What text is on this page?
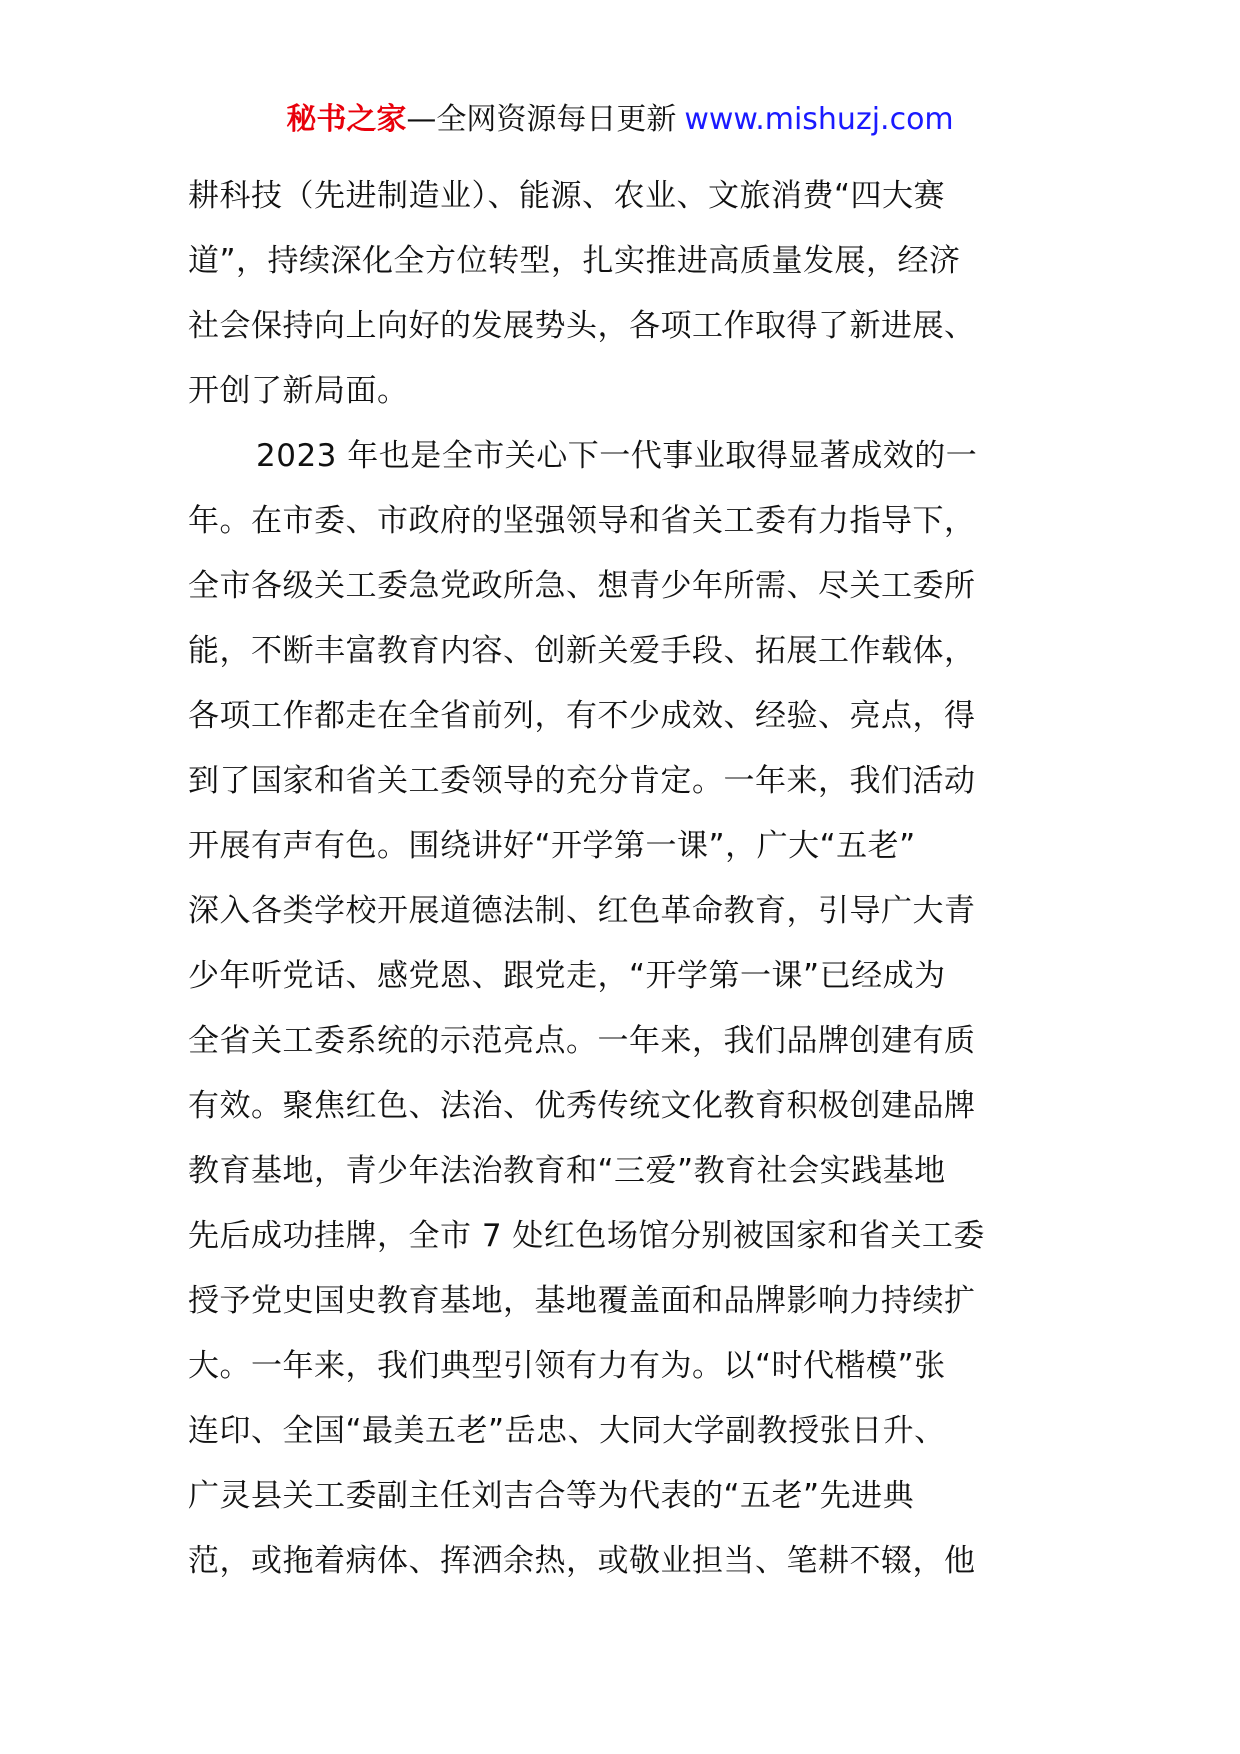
秘书之家—全网资源每日更新 www.mishuzj.com
耕科技（先进制造业）、能源、农业、文旅消费“四大赛
道”，持续深化全方位转型，扎实推进高质量发展，经济
社会保持向上向好的发展势头，各项工作取得了新进展、
开创了新局面。
2023 年也是全市关心下一代事业取得显著成效的一
年。在市委、市政府的坚强领导和省关工委有力指导下，
全市各级关工委急党政所急、想青少年所需、尽关工委所
能，不断丰富教育内容、创新关爱手段、拓展工作载体，
各项工作都走在全省前列，有不少成效、经验、亮点，得
到了国家和省关工委领导的充分肯定。一年来，我们活动
开展有声有色。围绕讲好“开学第一课”，广大“五老”
深入各类学校开展道德法制、红色革命教育，引导广大青
少年听党话、感党恩、跟党走，“开学第一课”已经成为
全省关工委系统的示范亮点。一年来，我们品牌创建有质
有效。聚焦红色、法治、优秀传统文化教育积极创建品牌
教育基地，青少年法治教育和“三爱”教育社会实践基地
先后成功挂牌，全市 7 处红色场馆分别被国家和省关工委
授予党史国史教育基地，基地覆盖面和品牌影响力持续扩
大。一年来，我们典型引领有力有为。以“时代楷模”张
连印、全国“最美五老”岳忠、大同大学副教授张日升、
广灵县关工委副主任刘吉合等为代表的“五老”先进典
范，或拖着病体、挥洒余热，或敬业担当、笔耕不辍，他
